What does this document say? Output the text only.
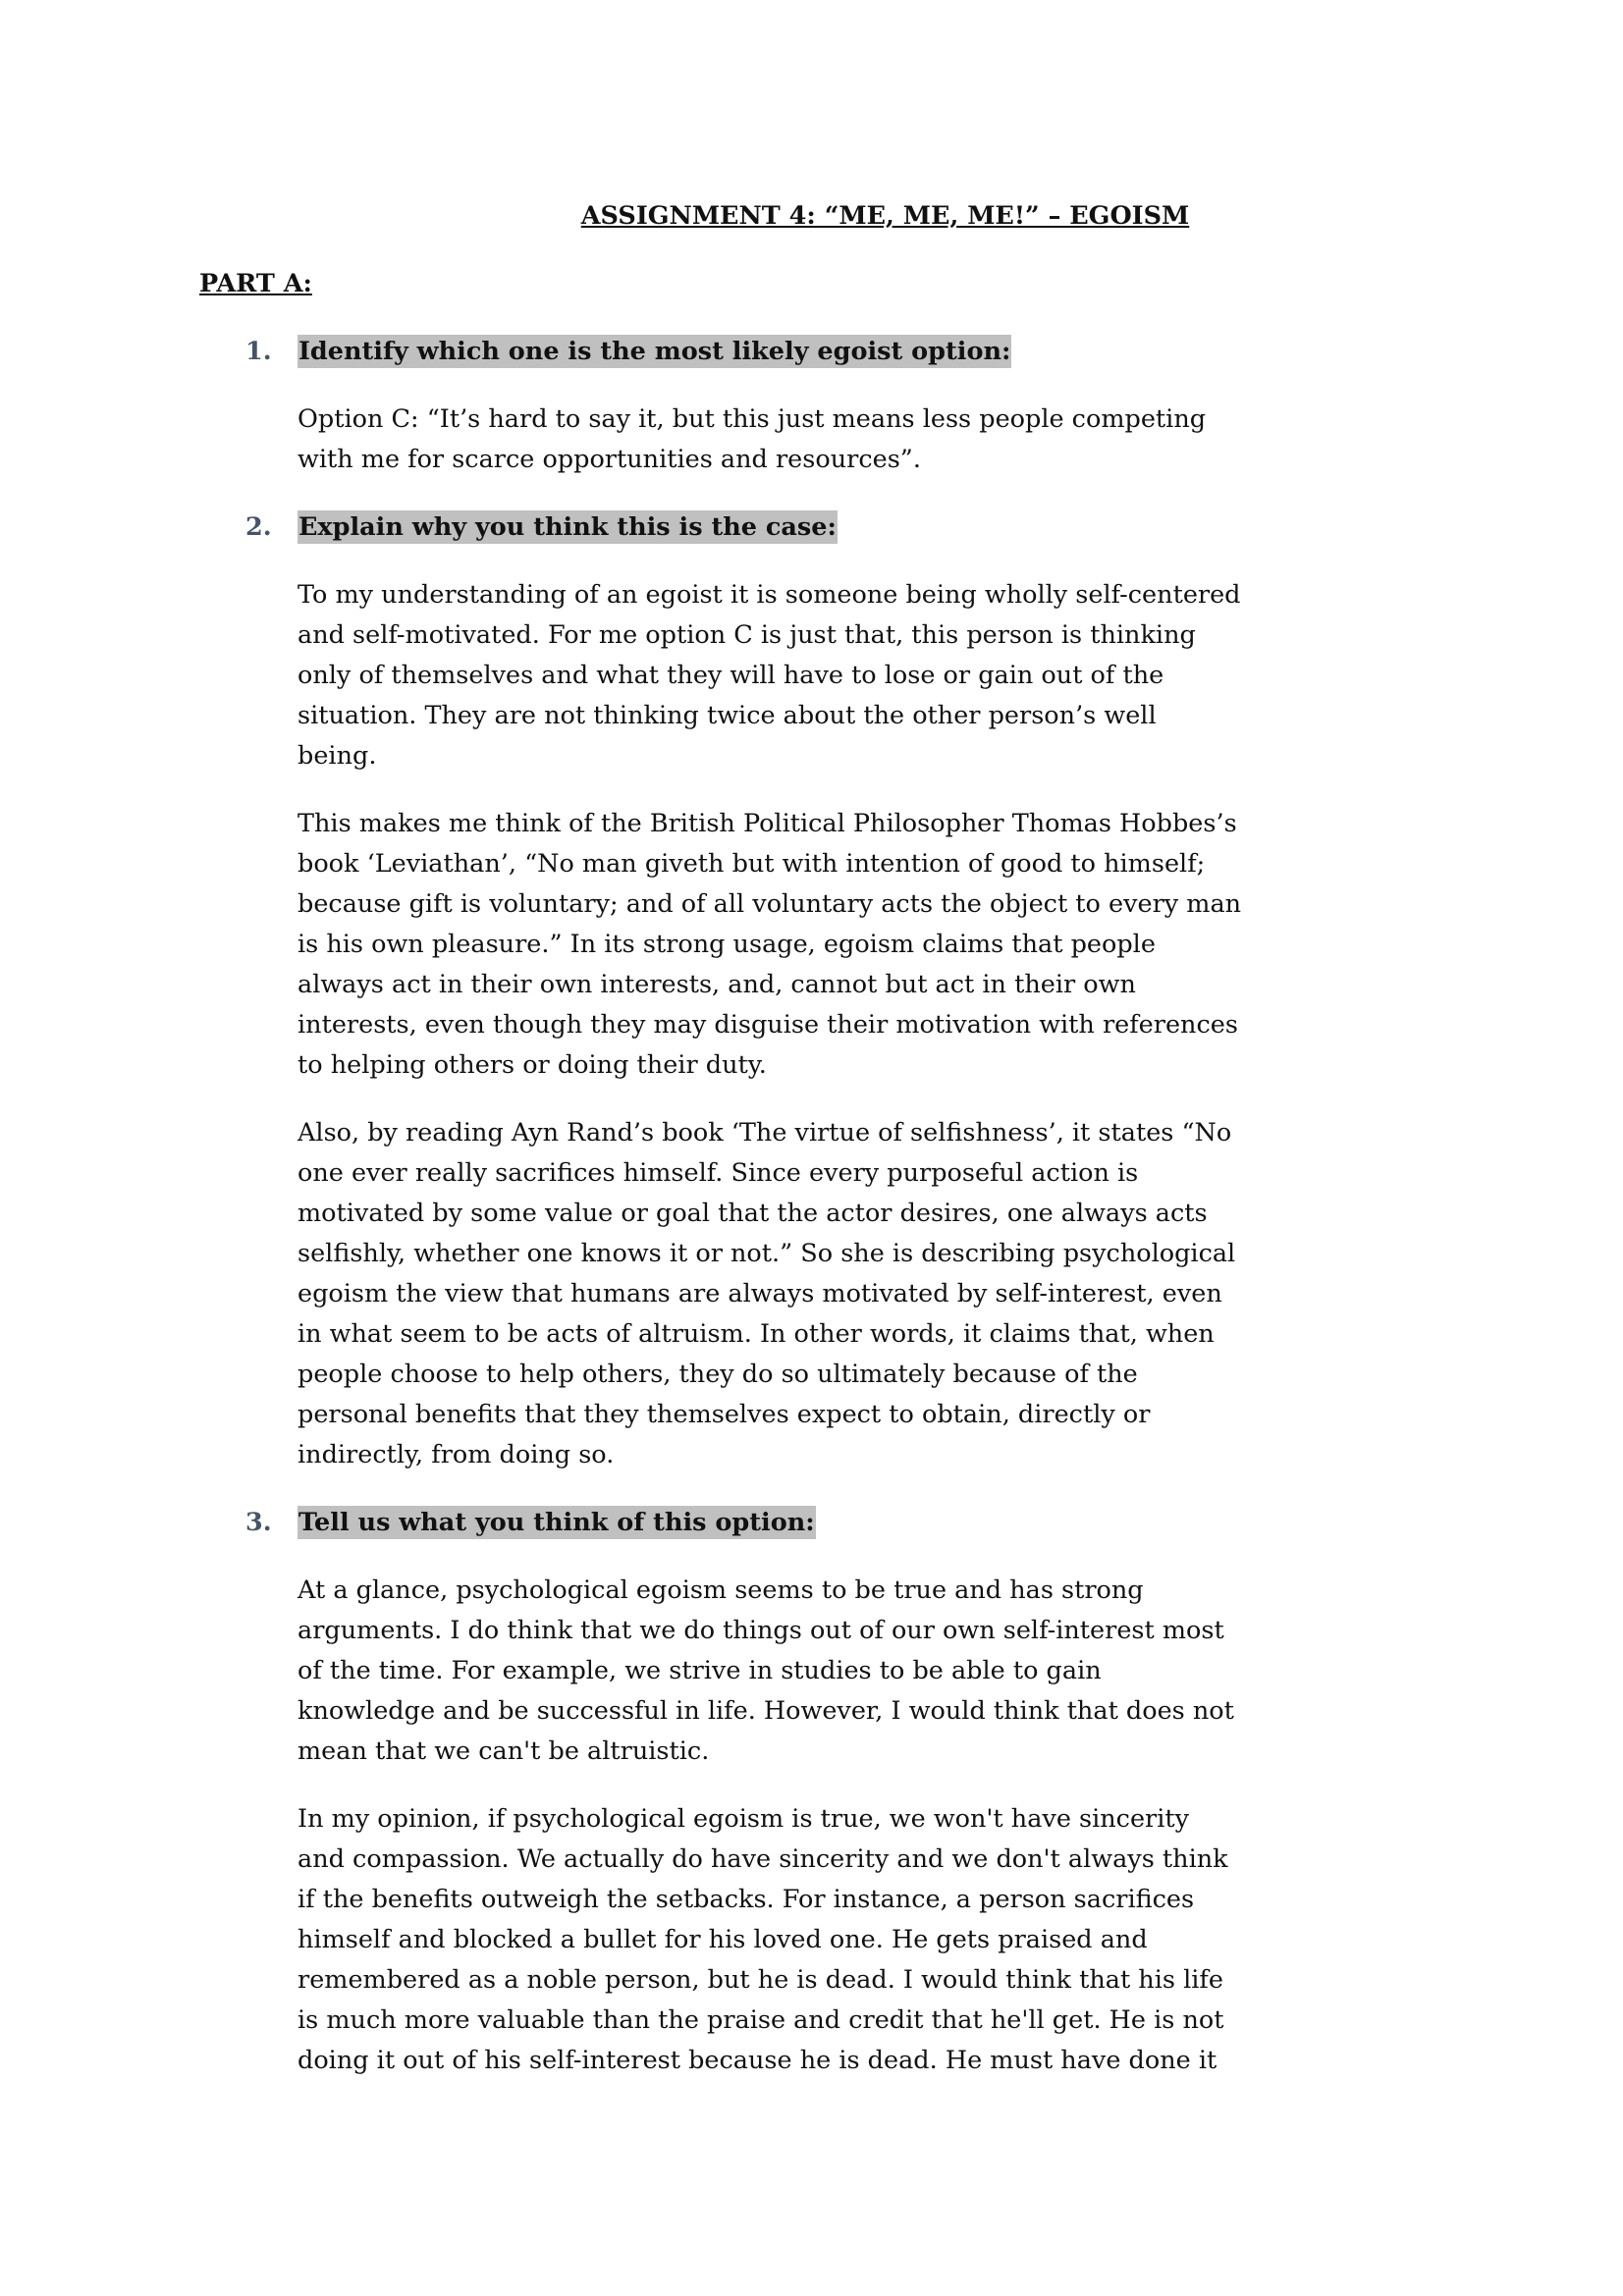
ASSIGNMENT 4: “ME, ME, ME!” – EGOISM
PART A:
1. Identify which one is the most likely egoist option:
Option C: “It’s hard to say it, but this just means less people competing
with me for scarce opportunities and resources”.
2. Explain why you think this is the case:
To my understanding of an egoist it is someone being wholly self-centered
and self-motivated. For me option C is just that, this person is thinking
only of themselves and what they will have to lose or gain out of the
situation. They are not thinking twice about the other person’s well
being.
This makes me think of the British Political Philosopher Thomas Hobbes’s
book ‘Leviathan’, “No man giveth but with intention of good to himself;
because gift is voluntary; and of all voluntary acts the object to every man
is his own pleasure.” In its strong usage, egoism claims that people
always act in their own interests, and, cannot but act in their own
interests, even though they may disguise their motivation with references
to helping others or doing their duty.
Also, by reading Ayn Rand’s book ‘The virtue of selfishness’, it states “No
one ever really sacrifices himself. Since every purposeful action is
motivated by some value or goal that the actor desires, one always acts
selfishly, whether one knows it or not.” So she is describing psychological
egoism the view that humans are always motivated by self-interest, even
in what seem to be acts of altruism. In other words, it claims that, when
people choose to help others, they do so ultimately because of the
personal benefits that they themselves expect to obtain, directly or
indirectly, from doing so.
3. Tell us what you think of this option:
At a glance, psychological egoism seems to be true and has strong
arguments. I do think that we do things out of our own self-interest most
of the time. For example, we strive in studies to be able to gain
knowledge and be successful in life. However, I would think that does not
mean that we can't be altruistic.
In my opinion, if psychological egoism is true, we won't have sincerity
and compassion. We actually do have sincerity and we don't always think
if the benefits outweigh the setbacks. For instance, a person sacrifices
himself and blocked a bullet for his loved one. He gets praised and
remembered as a noble person, but he is dead. I would think that his life
is much more valuable than the praise and credit that he'll get. He is not
doing it out of his self-interest because he is dead. He must have done it
